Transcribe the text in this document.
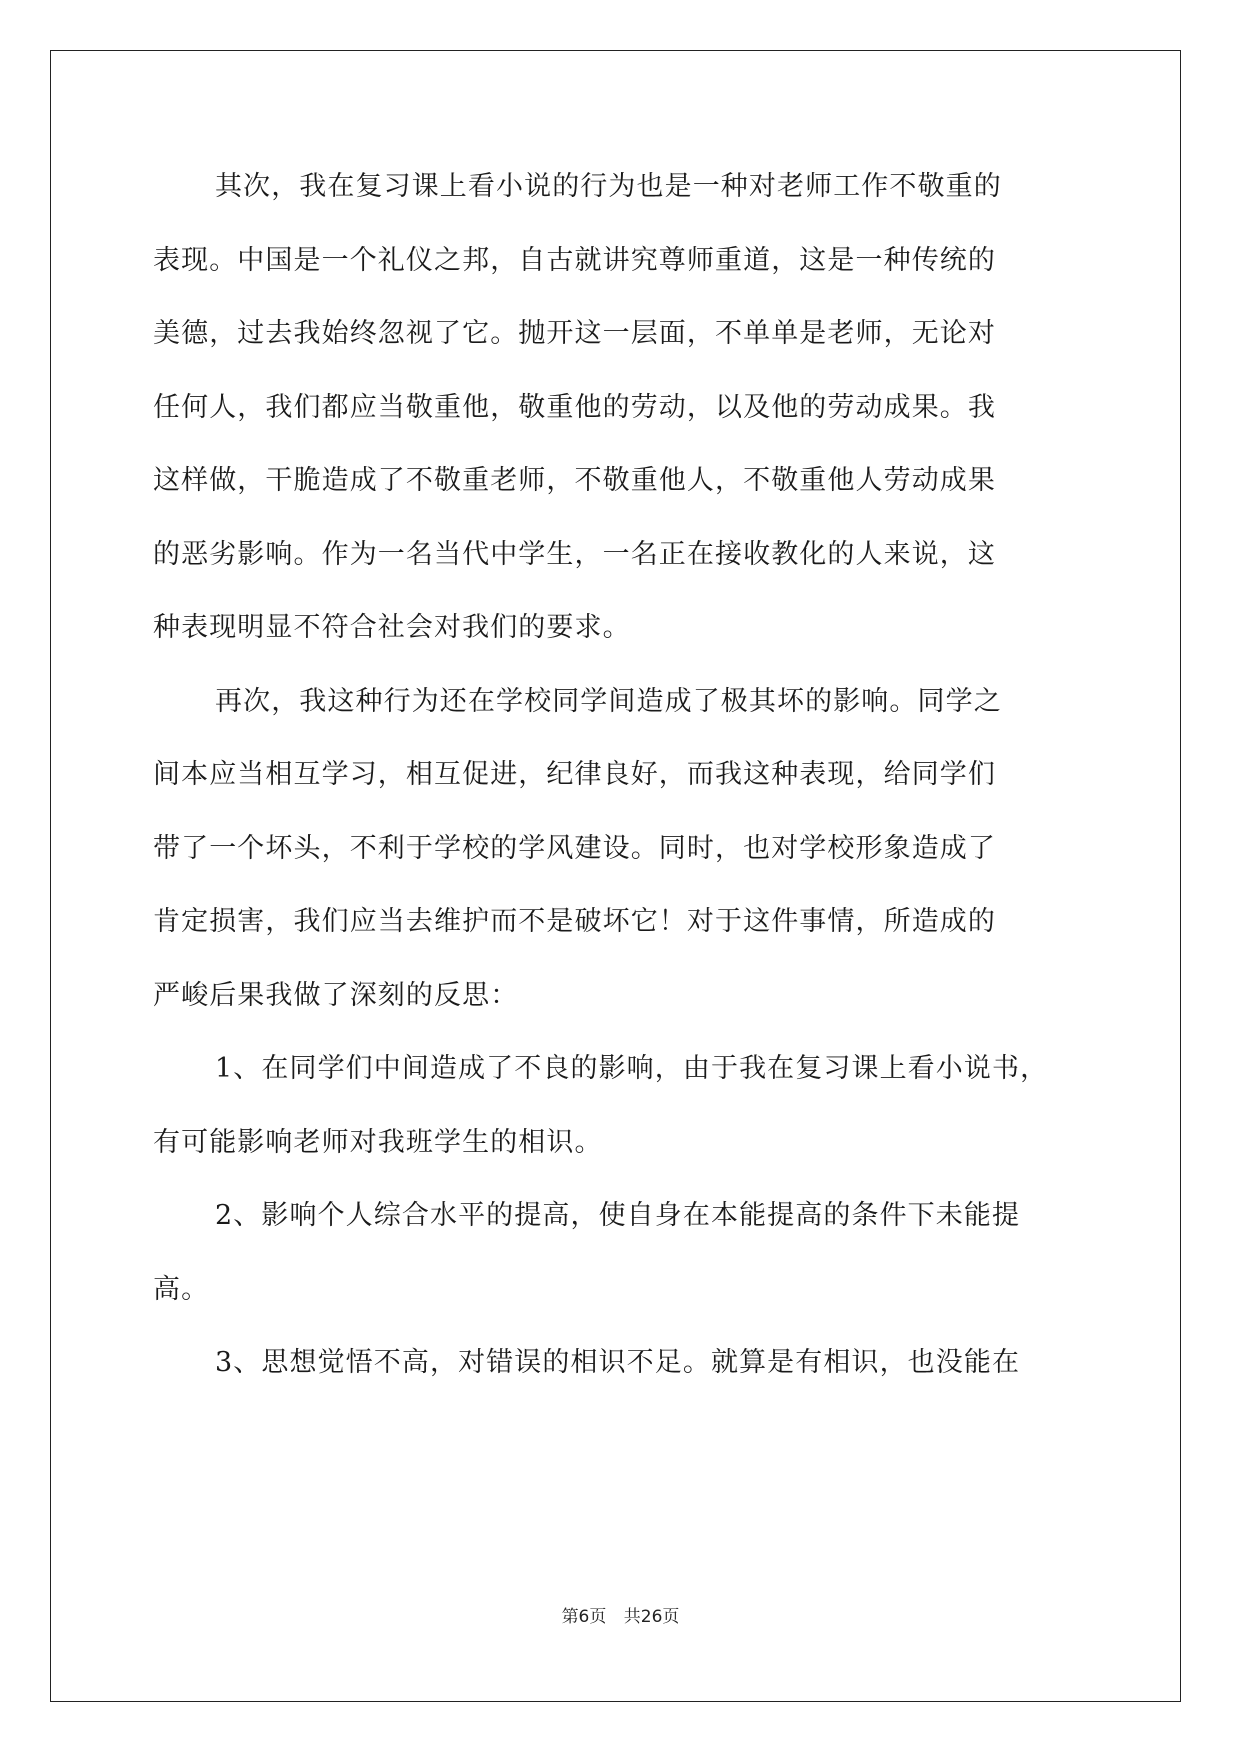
其次，我在复习课上看小说的行为也是一种对老师工作不敬重的
表现。中国是一个礼仪之邦，自古就讲究尊师重道，这是一种传统的
美德，过去我始终忽视了它。抛开这一层面，不单单是老师，无论对
任何人，我们都应当敬重他，敬重他的劳动，以及他的劳动成果。我
这样做，干脆造成了不敬重老师，不敬重他人，不敬重他人劳动成果
的恶劣影响。作为一名当代中学生，一名正在接收教化的人来说，这
种表现明显不符合社会对我们的要求。

再次，我这种行为还在学校同学间造成了极其坏的影响。同学之
间本应当相互学习，相互促进，纪律良好，而我这种表现，给同学们
带了一个坏头，不利于学校的学风建设。同时，也对学校形象造成了
肯定损害，我们应当去维护而不是破坏它！对于这件事情，所造成的
严峻后果我做了深刻的反思：

1、在同学们中间造成了不良的影响，由于我在复习课上看小说书，
有可能影响老师对我班学生的相识。

2、影响个人综合水平的提高，使自身在本能提高的条件下未能提
高。

3、思想觉悟不高，对错误的相识不足。就算是有相识，也没能在

第6页 共26页
